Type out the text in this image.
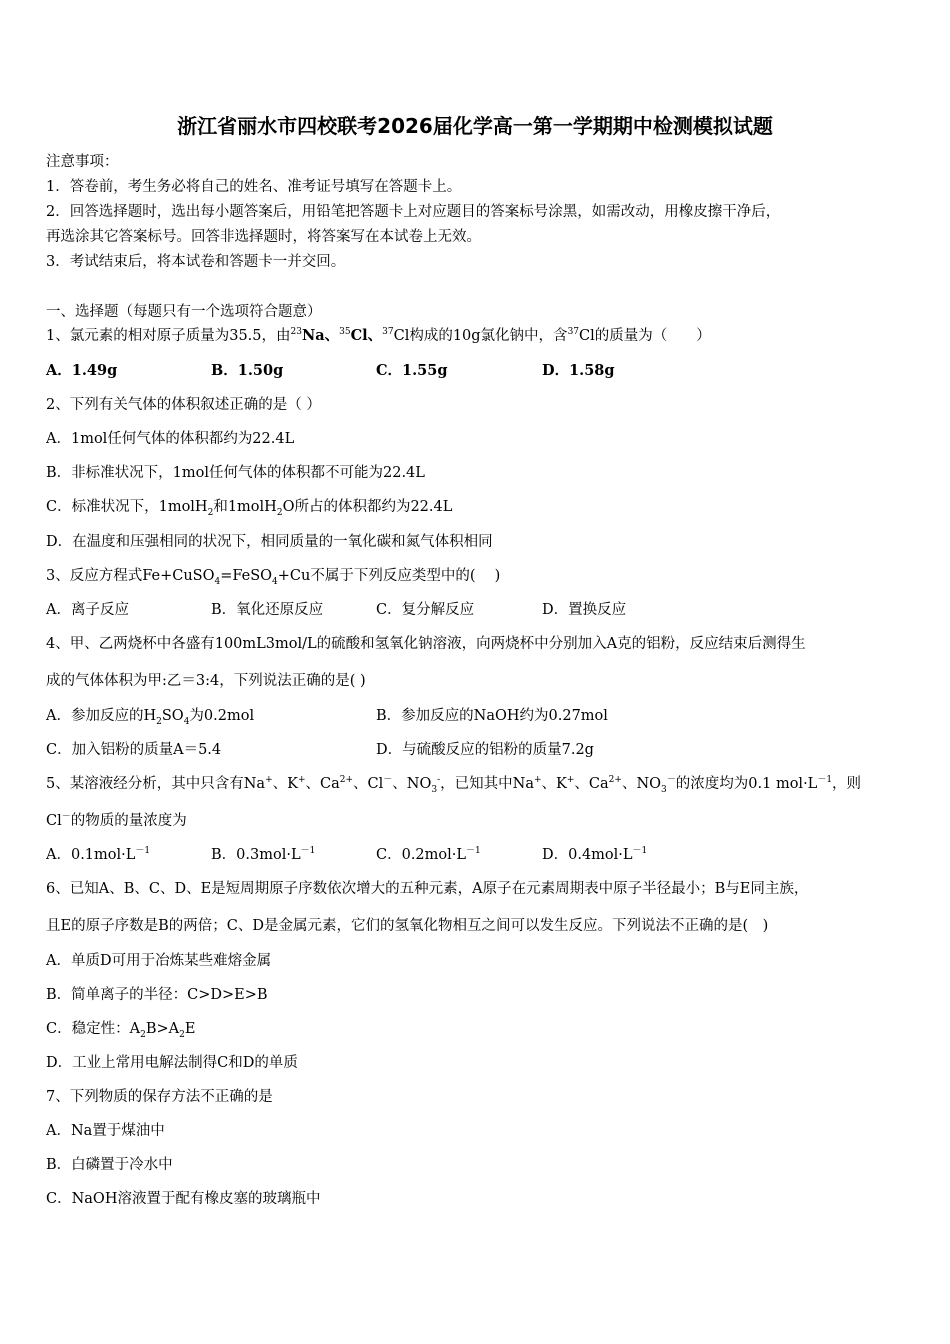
浙江省丽水市四校联考2026届化学高一第一学期期中检测模拟试题
注意事项：
1．答卷前，考生务必将自己的姓名、准考证号填写在答题卡上。
2．回答选择题时，选出每小题答案后，用铅笔把答题卡上对应题目的答案标号涂黑，如需改动，用橡皮擦干净后，
再选涂其它答案标号。回答非选择题时，将答案写在本试卷上无效。
3．考试结束后，将本试卷和答题卡一并交回。
一、选择题（每题只有一个选项符合题意）
1、氯元素的相对原子质量为35.5，由$^{23}$Na、$^{35}$Cl、$^{37}$Cl构成的10g氯化钠中，含$^{37}$Cl的质量为（　　）
A．1.49g	B．1.50g	C．1.55g	D．1.58g
2、下列有关气体的体积叙述正确的是（ ）
A．1mol任何气体的体积都约为22.4L
B．非标准状况下，1mol任何气体的体积都不可能为22.4L
C．标准状况下，1molH$_2$和1molH$_2$O所占的体积都约为22.4L
D．在温度和压强相同的状况下，相同质量的一氧化碳和氮气体积相同
3、反应方程式Fe+CuSO$_4$=FeSO$_4$+Cu不属于下列反应类型中的(　 )
A．离子反应	B．氧化还原反应	C．复分解反应	D．置换反应
4、甲、乙两烧杯中各盛有100mL3mol/L的硫酸和氢氧化钠溶液，向两烧杯中分别加入A克的铝粉，反应结束后测得生
成的气体体积为甲:乙＝3:4，下列说法正确的是( )
A．参加反应的$H_2SO_4$为0.2mol	B．参加反应的NaOH约为0.27mol
C．加入铝粉的质量A＝5.4	D．与硫酸反应的铝粉的质量7.2g
5、某溶液经分析，其中只含有Na+、K+、$Ca^{2+}$、Cl－、$NO_3^-$，已知其中Na+、K+、$Ca^{2+}$、$NO_3^-$的浓度均为0.1 $mol\cdot L^{-1}$，则
Cl－的物质的量浓度为
A．$0.1mol\cdot L^{-1}$	B．$0.3mol\cdot L^{-1}$	C．$0.2mol\cdot L^{-1}$	D．$0.4mol\cdot L^{-1}$
6、已知A、B、C、D、E是短周期原子序数依次增大的五种元素，A原子在元素周期表中原子半径最小；B与E同主族，
且E的原子序数是B的两倍；C、D是金属元素，它们的氢氧化物相互之间可以发生反应。下列说法不正确的是(　)
A．单质D可用于冶炼某些难熔金属
B．简单离子的半径：C>D>E>B
C．稳定性：$A_2B>A_2E$
D．工业上常用电解法制得C和D的单质
7、下列物质的保存方法不正确的是
A．Na置于煤油中
B．白磷置于冷水中
C．NaOH溶液置于配有橡皮塞的玻璃瓶中
